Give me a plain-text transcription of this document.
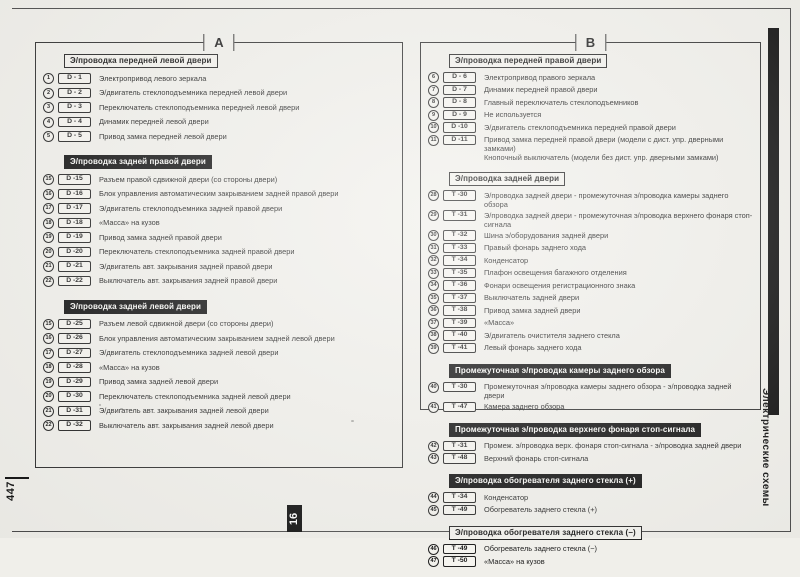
А
Э/проводка передней левой двери
1	D - 1	Электропривод левого зеркала
2	D - 2	Э/двигатель стеклоподъемника передней левой двери
3	D - 3	Переключатель стеклоподъемника передней левой двери
4	D - 4	Динамик передней левой двери
5	D - 5	Привод замка передней левой двери
Э/проводка задней правой двери
15	D -15	Разъем правой сдвижной двери (со стороны двери)
16	D -16	Блок управления автоматическим закрыванием задней правой двери
17	D -17	Э/двигатель стеклоподъемника задней правой двери
18	D -18	«Масса» на кузов
19	D -19	Привод замка задней правой двери
20	D -20	Переключатель стеклоподъемника задней правой двери
21	D -21	Э/двигатель авт. закрывания задней правой двери
22	D -22	Выключатель авт. закрывания задней правой двери
Э/проводка задней левой двери
15	D -25	Разъем левой сдвижной двери (со стороны двери)
16	D -26	Блок управления автоматическим закрыванием задней левой двери
17	D -27	Э/двигатель стеклоподъемника задней левой двери
18	D -28	«Масса» на кузов
19	D -29	Привод замка задней левой двери
20	D -30	Переключатель стеклоподъемника задней левой двери
21	D -31	Э/двигатель авт. закрывания задней левой двери
22	D -32	Выключатель авт. закрывания задней левой двери
В
Э/проводка передней правой двери
6	D - 6	Электропривод правого зеркала
7	D - 7	Динамик передней правой двери
8	D - 8	Главный переключатель стеклоподъемников
9	D - 9	Не используется
10	D -10	Э/двигатель стеклоподъемника передней правой двери
11	D -11	Привод замка передней правой двери (модели с дист. упр. дверными замками)
Кнопочный выключатель (модели без дист. упр. дверными замками)
Э/проводка задней двери
28	T -30	Э/проводка задней двери - промежуточная э/проводка камеры заднего обзора
29	T -31	Э/проводка задней двери - промежуточная э/проводка верхнего фонаря стоп-сигнала
30	T -32	Шина э/оборудования задней двери
31	T -33	Правый фонарь заднего хода
32	T -34	Конденсатор
33	T -35	Плафон освещения багажного отделения
34	T -36	Фонари освещения регистрационного знака
35	T -37	Выключатель задней двери
36	T -38	Привод замка задней двери
37	T -39	«Масса»
38	T -40	Э/двигатель очистителя заднего стекла
39	T -41	Левый фонарь заднего хода
Промежуточная э/проводка камеры заднего обзора
40	T -30	Промежуточная э/проводка камеры заднего обзора - э/проводка задней двери
41	T -47	Камера заднего обзора
Промежуточная э/проводка верхнего фонаря стоп-сигнала
42	T -31	Промеж. э/проводка верх. фонаря стоп-сигнала - э/проводка задней двери
43	T -48	Верхний фонарь стоп-сигнала
Э/проводка обогревателя заднего стекла (+)
44	T -34	Конденсатор
45	T -49	Обогреватель заднего стекла (+)
Э/проводка обогревателя заднего стекла (−)
46	T -49	Обогреватель заднего стекла (−)
47	T -50	«Масса» на кузов
Электрические схемы
16
447
